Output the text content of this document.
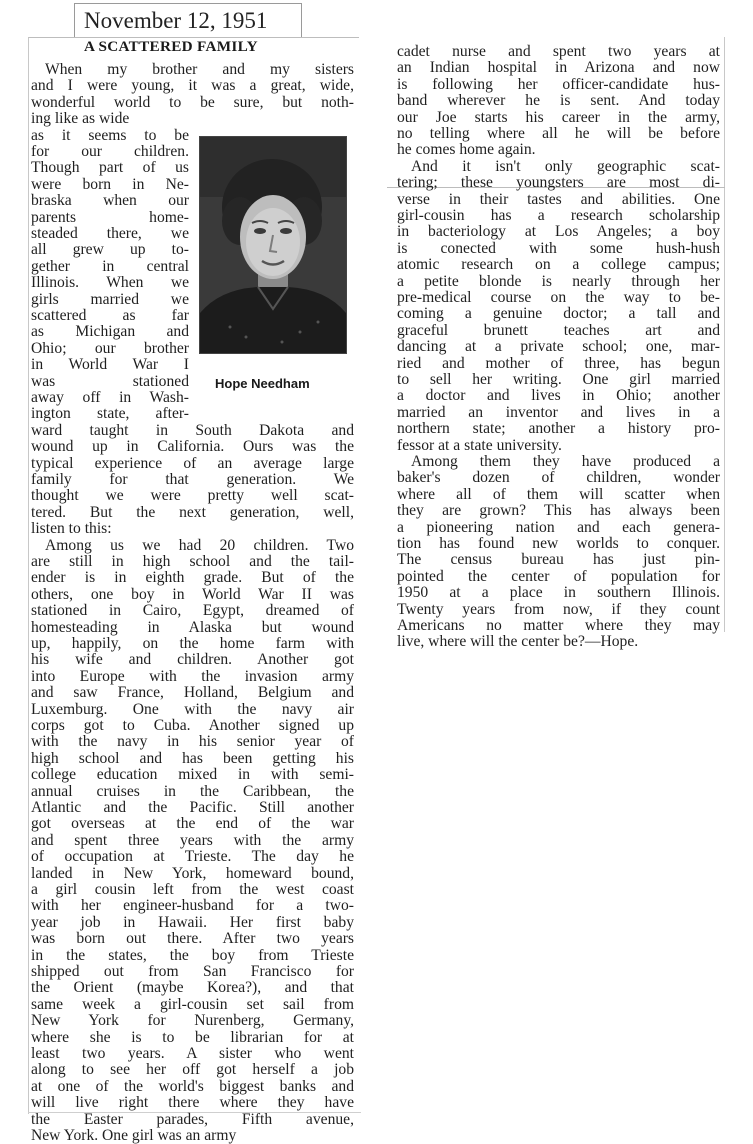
November 12, 1951
A SCATTERED FAMILY

Hope Needham

When my brother and my sisters

and I were young, it was a great, wide,

wonderful world to be sure, but noth-

ing like as wide

as it seems to be

for our children.

Though part of us

were born in Ne-

braska when our

parents home-

steaded there, we

all grew up to-

gether in central

Illinois. When we

girls married we

scattered as far

as Michigan and

Ohio; our brother

in World War I

was stationed

away off in Wash-

ington state, after-

ward taught in South Dakota and

wound up in California. Ours was the

typical experience of an average large

family for that generation. We

thought we were pretty well scat-

tered. But the next generation, well,

listen to this:

Among us we had 20 children. Two

are still in high school and the tail-

ender is in eighth grade. But of the

others, one boy in World War II was

stationed in Cairo, Egypt, dreamed of

homesteading in Alaska but wound

up, happily, on the home farm with

his wife and children. Another got

into Europe with the invasion army

and saw France, Holland, Belgium and

Luxemburg. One with the navy air

corps got to Cuba. Another signed up

with the navy in his senior year of

high school and has been getting his

college education mixed in with semi-

annual cruises in the Caribbean, the

Atlantic and the Pacific. Still another

got overseas at the end of the war

and spent three years with the army

of occupation at Trieste. The day he

landed in New York, homeward bound,

a girl cousin left from the west coast

with her engineer-husband for a two-

year job in Hawaii. Her first baby

was born out there. After two years

in the states, the boy from Trieste

shipped out from San Francisco for

the Orient (maybe Korea?), and that

same week a girl-cousin set sail from

New York for Nurenberg, Germany,

where she is to be librarian for at

least two years. A sister who went

along to see her off got herself a job

at one of the world's biggest banks and

will live right there where they have

the Easter parades, Fifth avenue,

New York. One girl was an army

cadet nurse and spent two years at

an Indian hospital in Arizona and now

is following her officer-candidate hus-

band wherever he is sent. And today

our Joe starts his career in the army,

no telling where all he will be before

he comes home again.

And it isn't only geographic scat-

tering; these youngsters are most di-

verse in their tastes and abilities. One

girl-cousin has a research scholarship

in bacteriology at Los Angeles; a boy

is conected with some hush-hush

atomic research on a college campus;

a petite blonde is nearly through her

pre-medical course on the way to be-

coming a genuine doctor; a tall and

graceful brunett teaches art and

dancing at a private school; one, mar-

ried and mother of three, has begun

to sell her writing. One girl married

a doctor and lives in Ohio; another

married an inventor and lives in a

northern state; another a history pro-

fessor at a state university.

Among them they have produced a

baker's dozen of children, wonder

where all of them will scatter when

they are grown? This has always been

a pioneering nation and each genera-

tion has found new worlds to conquer.

The census bureau has just pin-

pointed the center of population for

1950 at a place in southern Illinois.

Twenty years from now, if they count

Americans no matter where they may

live, where will the center be?—Hope.
